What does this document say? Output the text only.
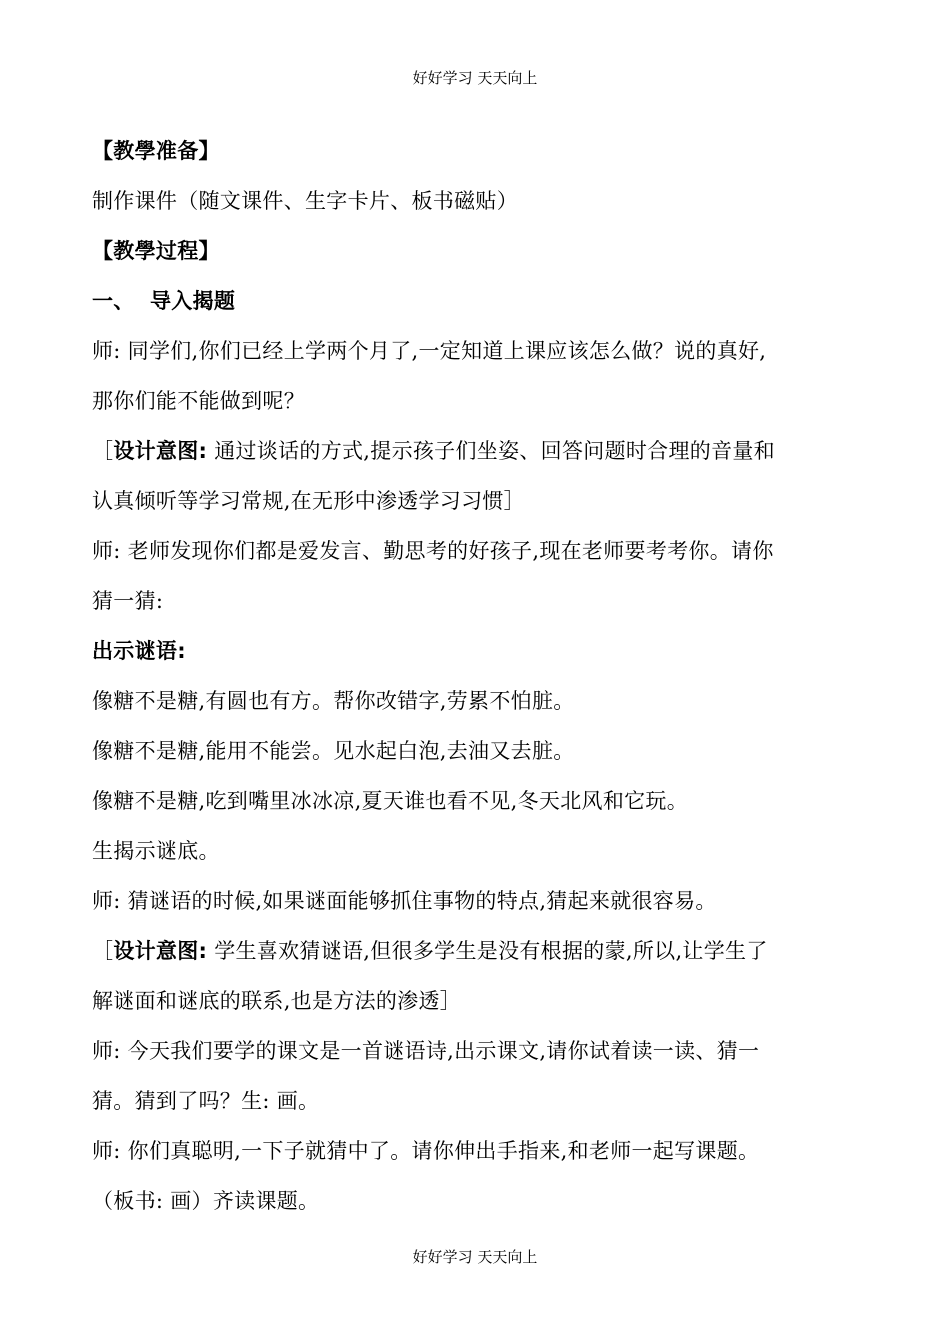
好好学习 天天向上
【教學准备】
制作课件（随文课件、生字卡片、板书磁贴）
【教學过程】
一、 导入揭题
师: 同学们,你们已经上学两个月了,一定知道上课应该怎么做？说的真好,
那你们能不能做到呢？
［设计意图: 通过谈话的方式,提示孩子们坐姿、回答问题时合理的音量和
认真倾听等学习常规,在无形中渗透学习习惯］
师: 老师发现你们都是爱发言、勤思考的好孩子,现在老师要考考你。请你
猜一猜:
出示谜语:
像糖不是糖,有圆也有方。帮你改错字,劳累不怕脏。
像糖不是糖,能用不能尝。见水起白泡,去油又去脏。
像糖不是糖,吃到嘴里冰冰凉,夏天谁也看不见,冬天北风和它玩。
生揭示谜底。
师: 猜谜语的时候,如果谜面能够抓住事物的特点,猜起来就很容易。
［设计意图: 学生喜欢猜谜语,但很多学生是没有根据的蒙,所以,让学生了
解谜面和谜底的联系,也是方法的渗透］
师: 今天我们要学的课文是一首谜语诗,出示课文,请你试着读一读、猜一
猜。猜到了吗？生: 画。
师: 你们真聪明,一下子就猜中了。请你伸出手指来,和老师一起写课题。
（板书: 画）齐读课题。
好好学习 天天向上
